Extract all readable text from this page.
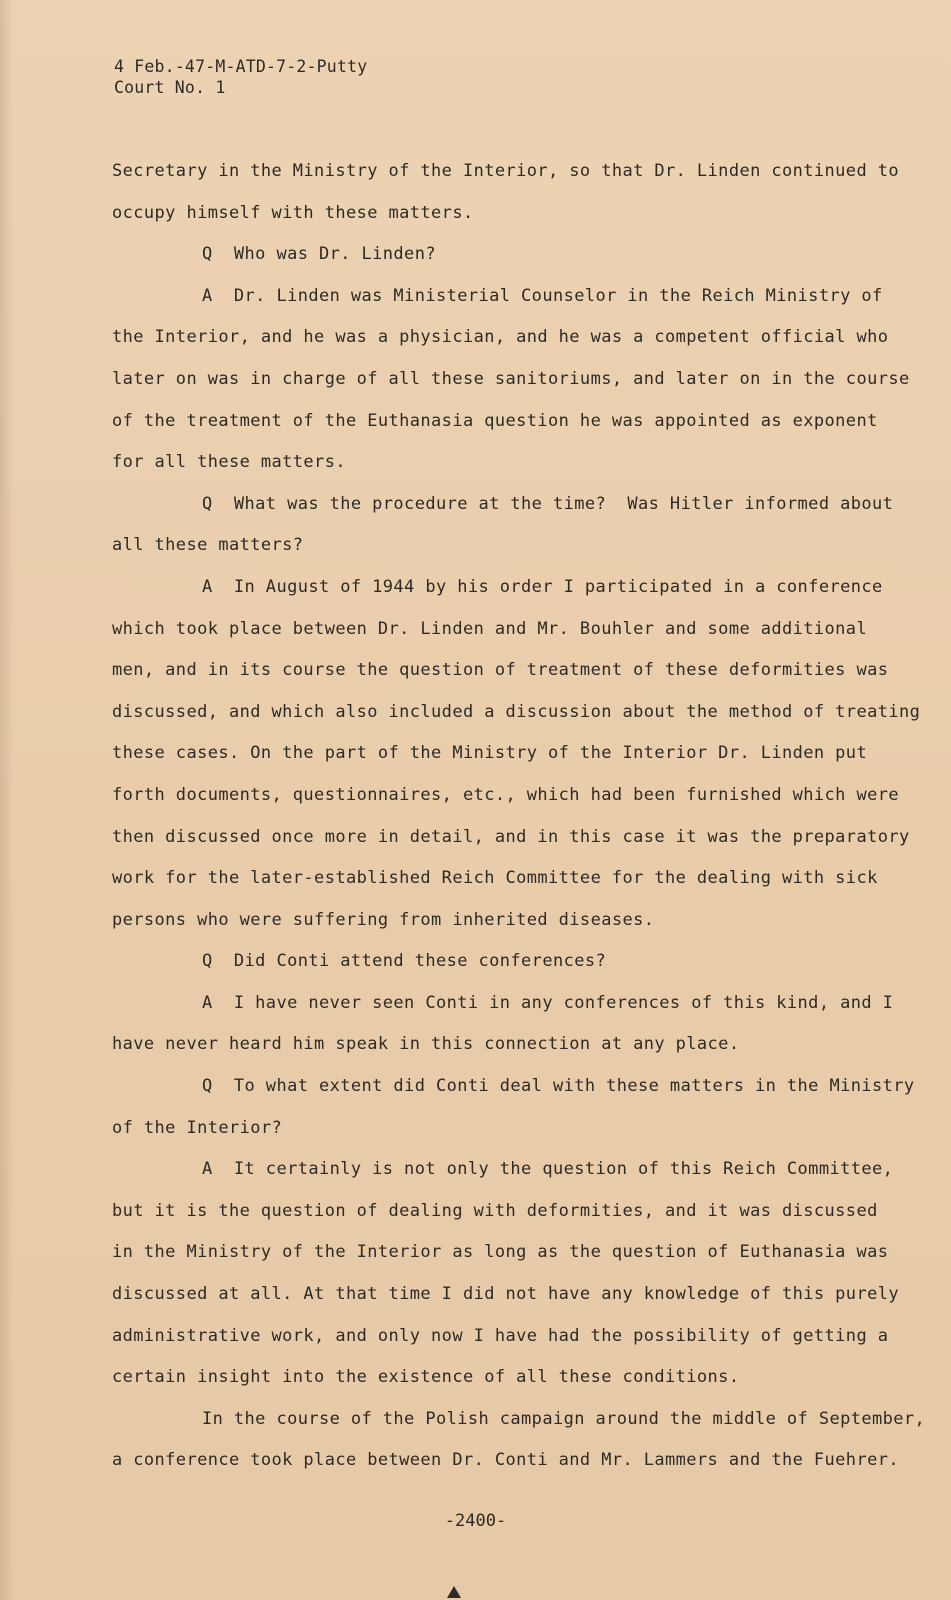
4 Feb.-47-M-ATD-7-2-Putty
Court No. 1
Secretary in the Ministry of the Interior, so that Dr. Linden continued to
occupy himself with these matters.
Q  Who was Dr. Linden?
A  Dr. Linden was Ministerial Counselor in the Reich Ministry of
the Interior, and he was a physician, and he was a competent official who
later on was in charge of all these sanitoriums, and later on in the course
of the treatment of the Euthanasia question he was appointed as exponent
for all these matters.
Q  What was the procedure at the time?  Was Hitler informed about
all these matters?
A  In August of 1944 by his order I participated in a conference
which took place between Dr. Linden and Mr. Bouhler and some additional
men, and in its course the question of treatment of these deformities was
discussed, and which also included a discussion about the method of treating
these cases. On the part of the Ministry of the Interior Dr. Linden put
forth documents, questionnaires, etc., which had been furnished which were
then discussed once more in detail, and in this case it was the preparatory
work for the later-established Reich Committee for the dealing with sick
persons who were suffering from inherited diseases.
Q  Did Conti attend these conferences?
A  I have never seen Conti in any conferences of this kind, and I
have never heard him speak in this connection at any place.
Q  To what extent did Conti deal with these matters in the Ministry
of the Interior?
A  It certainly is not only the question of this Reich Committee,
but it is the question of dealing with deformities, and it was discussed
in the Ministry of the Interior as long as the question of Euthanasia was
discussed at all. At that time I did not have any knowledge of this purely
administrative work, and only now I have had the possibility of getting a
certain insight into the existence of all these conditions.
In the course of the Polish campaign around the middle of September,
a conference took place between Dr. Conti and Mr. Lammers and the Fuehrer.
-2400-
